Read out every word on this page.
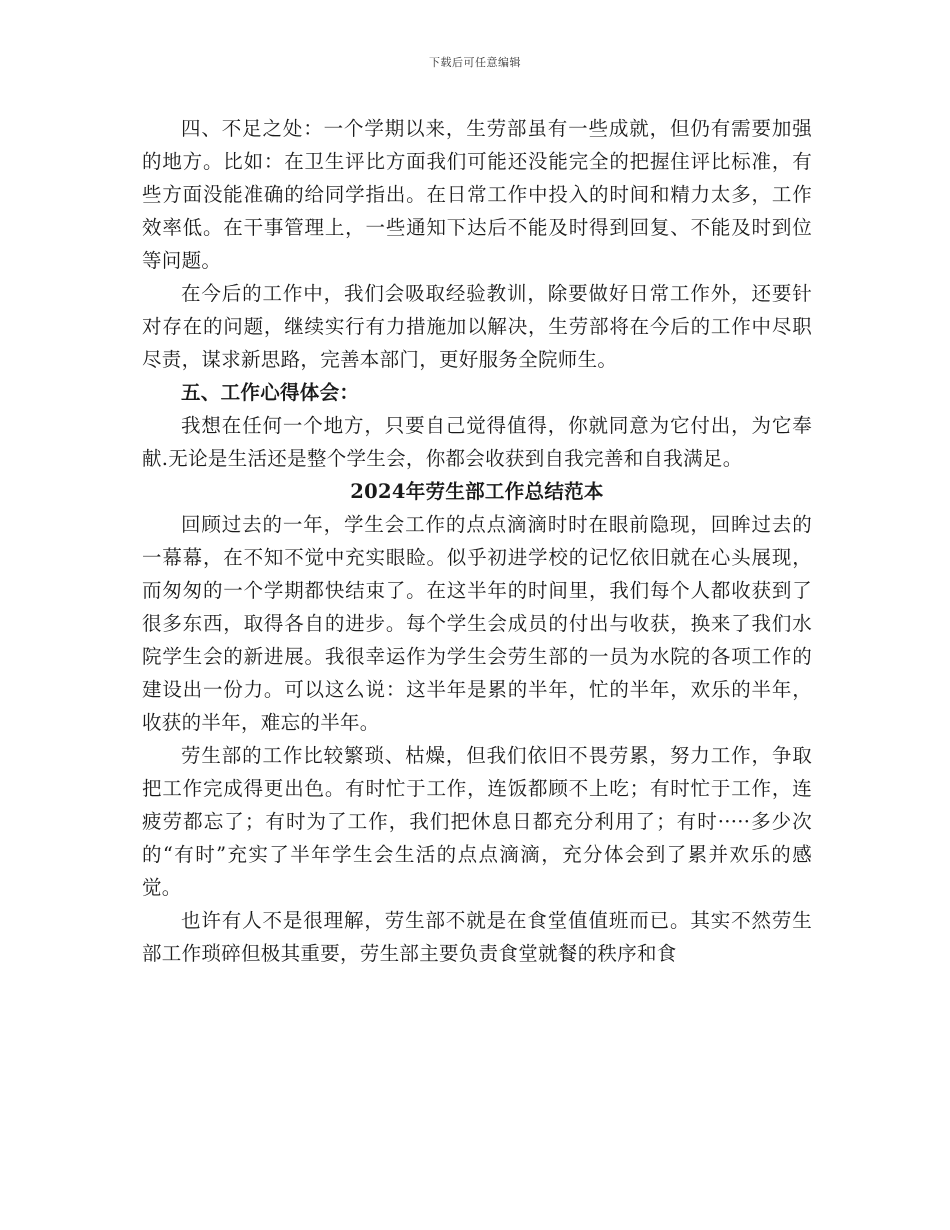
下载后可任意编辑

四、不足之处：一个学期以来，生劳部虽有一些成就，但仍有需要加强的地方。比如：在卫生评比方面我们可能还没能完全的把握住评比标准，有些方面没能准确的给同学指出。在日常工作中投入的时间和精力太多，工作效率低。在干事管理上，一些通知下达后不能及时得到回复、不能及时到位等问题。

在今后的工作中，我们会吸取经验教训，除要做好日常工作外，还要针对存在的问题，继续实行有力措施加以解决，生劳部将在今后的工作中尽职尽责，谋求新思路，完善本部门，更好服务全院师生。

五、工作心得体会：

我想在任何一个地方，只要自己觉得值得，你就同意为它付出，为它奉献.无论是生活还是整个学生会，你都会收获到自我完善和自我满足。

2024年劳生部工作总结范本

回顾过去的一年，学生会工作的点点滴滴时时在眼前隐现，回眸过去的一幕幕，在不知不觉中充实眼睑。似乎初进学校的记忆依旧就在心头展现，而匆匆的一个学期都快结束了。在这半年的时间里，我们每个人都收获到了很多东西，取得各自的进步。每个学生会成员的付出与收获，换来了我们水院学生会的新进展。我很幸运作为学生会劳生部的一员为水院的各项工作的建设出一份力。可以这么说：这半年是累的半年，忙的半年，欢乐的半年，收获的半年，难忘的半年。

劳生部的工作比较繁琐、枯燥，但我们依旧不畏劳累，努力工作，争取把工作完成得更出色。有时忙于工作，连饭都顾不上吃；有时忙于工作，连疲劳都忘了；有时为了工作，我们把休息日都充分利用了；有时·····多少次的“有时”充实了半年学生会生活的点点滴滴，充分体会到了累并欢乐的感觉。

也许有人不是很理解，劳生部不就是在食堂值值班而已。其实不然劳生部工作琐碎但极其重要，劳生部主要负责食堂就餐的秩序和食
